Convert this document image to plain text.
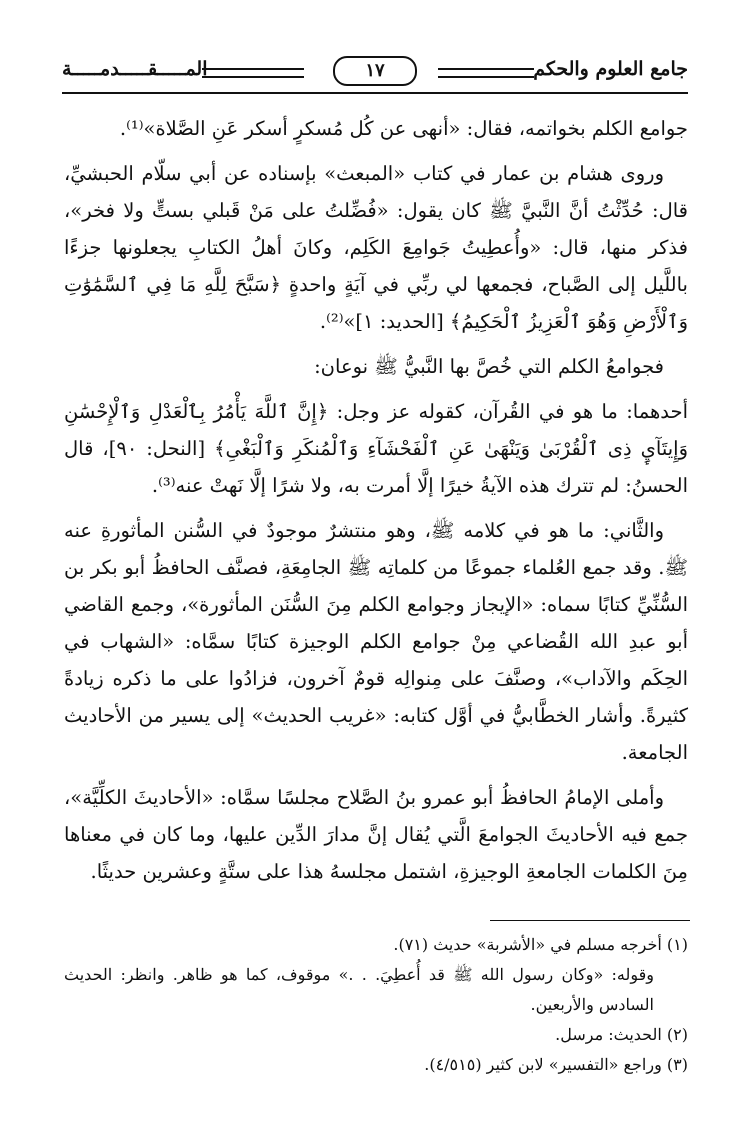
جامع العلوم والحكم
١٧
المـــــقـــــدمـــــة

جوامع الكلم بخواتمه، فقال: «أنهى عن كُل مُسكرٍ أسكر عَنِ الصَّلاة»⁽¹⁾.

وروى هشام بن عمار في كتاب «المبعث» بإسناده عن أبي سلّام الحبشيِّ، قال: حُدِّثْتُ أنَّ النَّبيَّ ﷺ كان يقول: «فُضِّلتُ على مَنْ قَبلي بستٍّ ولا فخر»، فذكر منها، قال: «وأُعطِيتُ جَوامِعَ الكَلِم، وكانَ أهلُ الكتابِ يجعلونها جزءًا باللَّيل إلى الصَّباح، فجمعها لي ربِّي في آيَةٍ واحدةٍ ﴿سَبَّحَ لِلَّهِ مَا فِي ٱلسَّمَٰوَٰتِ وَٱلْأَرْضِ وَهُوَ ٱلْعَزِيزُ ٱلْحَكِيمُ﴾ [الحديد: ١]»⁽²⁾.

فجوامعُ الكلم التي خُصَّ بها النَّبيُّ ﷺ نوعان:

أحدهما: ما هو في القُرآن، كقوله عز وجل: ﴿إِنَّ ٱللَّهَ يَأْمُرُ بِٱلْعَدْلِ وَٱلْإِحْسَٰنِ وَإِيتَآيِٕ ذِى ٱلْقُرْبَىٰ وَيَنْهَىٰ عَنِ ٱلْفَحْشَآءِ وَٱلْمُنكَرِ وَٱلْبَغْىِ﴾ [النحل: ٩٠]، قال الحسنُ: لم تترك هذه الآيةُ خيرًا إلَّا أمرت به، ولا شرًا إلَّا نَهتْ عنه⁽³⁾.

والثَّاني: ما هو في كلامه ﷺ، وهو منتشرٌ موجودٌ في السُّنن المأثورةِ عنه ﷺ. وقد جمع العُلماء جموعًا من كلماتِه ﷺ الجامِعَةِ، فصنَّف الحافظُ أبو بكر بن السُّنِّيِّ كتابًا سماه: «الإيجاز وجوامع الكلم مِنَ السُّنَن المأثورة»، وجمع القاضي أبو عبدِ الله القُضاعي مِنْ جوامع الكلم الوجيزة كتابًا سمَّاه: «الشهاب في الحِكَم والآداب»، وصنَّفَ على مِنوالِه قومٌ آخرون، فزادُوا على ما ذكره زيادةً كثيرةً. وأشار الخطَّابيُّ في أوَّل كتابه: «غريب الحديث» إلى يسير من الأحاديث الجامعة.

وأملى الإمامُ الحافظُ أبو عمرو بنُ الصَّلاح مجلسًا سمَّاه: «الأحاديثَ الكلِّيَّة»، جمع فيه الأحاديثَ الجوامعَ الَّتي يُقال إنَّ مدارَ الدِّين عليها، وما كان في معناها مِنَ الكلمات الجامعةِ الوجيزةِ، اشتمل مجلسهُ هذا على ستَّةٍ وعشرين حديثًا.

(١) أخرجه مسلم في «الأشربة» حديث (٧١).

وقوله: «وكان رسول الله ﷺ قد أُعطِيَ. . .» موقوف، كما هو ظاهر. وانظر: الحديث السادس والأربعين.

(٢) الحديث: مرسل.

(٣) وراجع «التفسير» لابن كثير (٤/٥١٥).
